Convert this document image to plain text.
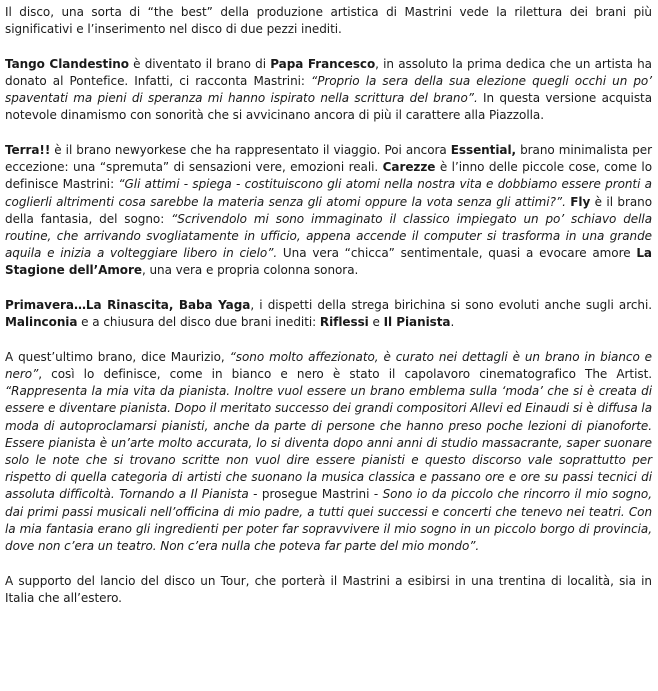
Il disco, una sorta di “the best” della produzione artistica di Mastrini vede la rilettura dei brani più significativi e l’inserimento nel disco di due pezzi inediti.

Tango Clandestino è diventato il brano di Papa Francesco, in assoluto la prima dedica che un artista ha donato al Pontefice. Infatti, ci racconta Mastrini: “Proprio la sera della sua elezione quegli occhi un po’ spaventati ma pieni di speranza mi hanno ispirato nella scrittura del brano”. In questa versione acquista notevole dinamismo con sonorità che si avvicinano ancora di più il carattere alla Piazzolla.

Terra!! è il brano newyorkese che ha rappresentato il viaggio. Poi ancora Essential, brano minimalista per eccezione: una “spremuta” di sensazioni vere, emozioni reali. Carezze è l’inno delle piccole cose, come lo definisce Mastrini: “Gli attimi - spiega - costituiscono gli atomi nella nostra vita e dobbiamo essere pronti a coglierli altrimenti cosa sarebbe la materia senza gli atomi oppure la vota senza gli attimi?”. Fly è il brano della fantasia, del sogno: “Scrivendolo mi sono immaginato il classico impiegato un po’ schiavo della routine, che arrivando svogliatamente in ufficio, appena accende il computer si trasforma in una grande aquila e inizia a volteggiare libero in cielo”. Una vera “chicca” sentimentale, quasi a evocare amore La Stagione dell’Amore, una vera e propria colonna sonora.

Primavera…La Rinascita, Baba Yaga, i dispetti della strega birichina si sono evoluti anche sugli archi. Malinconia e a chiusura del disco due brani inediti: Riflessi e Il Pianista.

A quest’ultimo brano, dice Maurizio, “sono molto affezionato, è curato nei dettagli è un brano in bianco e nero”, così lo definisce, come in bianco e nero è stato il capolavoro cinematografico The Artist. “Rappresenta la mia vita da pianista. Inoltre vuol essere un brano emblema sulla ‘moda’ che si è creata di essere e diventare pianista. Dopo il meritato successo dei grandi compositori Allevi ed Einaudi si è diffusa la moda di autoproclamarsi pianisti, anche da parte di persone che hanno preso poche lezioni di pianoforte. Essere pianista è un’arte molto accurata, lo si diventa dopo anni anni di studio massacrante, saper suonare solo le note che si trovano scritte non vuol dire essere pianisti e questo discorso vale soprattutto per rispetto di quella categoria di artisti che suonano la musica classica e passano ore e ore su passi tecnici di assoluta difficoltà. Tornando a Il Pianista - prosegue Mastrini - Sono io da piccolo che rincorro il mio sogno, dai primi passi musicali nell’officina di mio padre, a tutti quei successi e concerti che tenevo nei teatri. Con la mia fantasia erano gli ingredienti per poter far sopravvivere il mio sogno in un piccolo borgo di provincia, dove non c’era un teatro. Non c’era nulla che poteva far parte del mio mondo”.

A supporto del lancio del disco un Tour, che porterà il Mastrini a esibirsi in una trentina di località, sia in Italia che all’estero.
